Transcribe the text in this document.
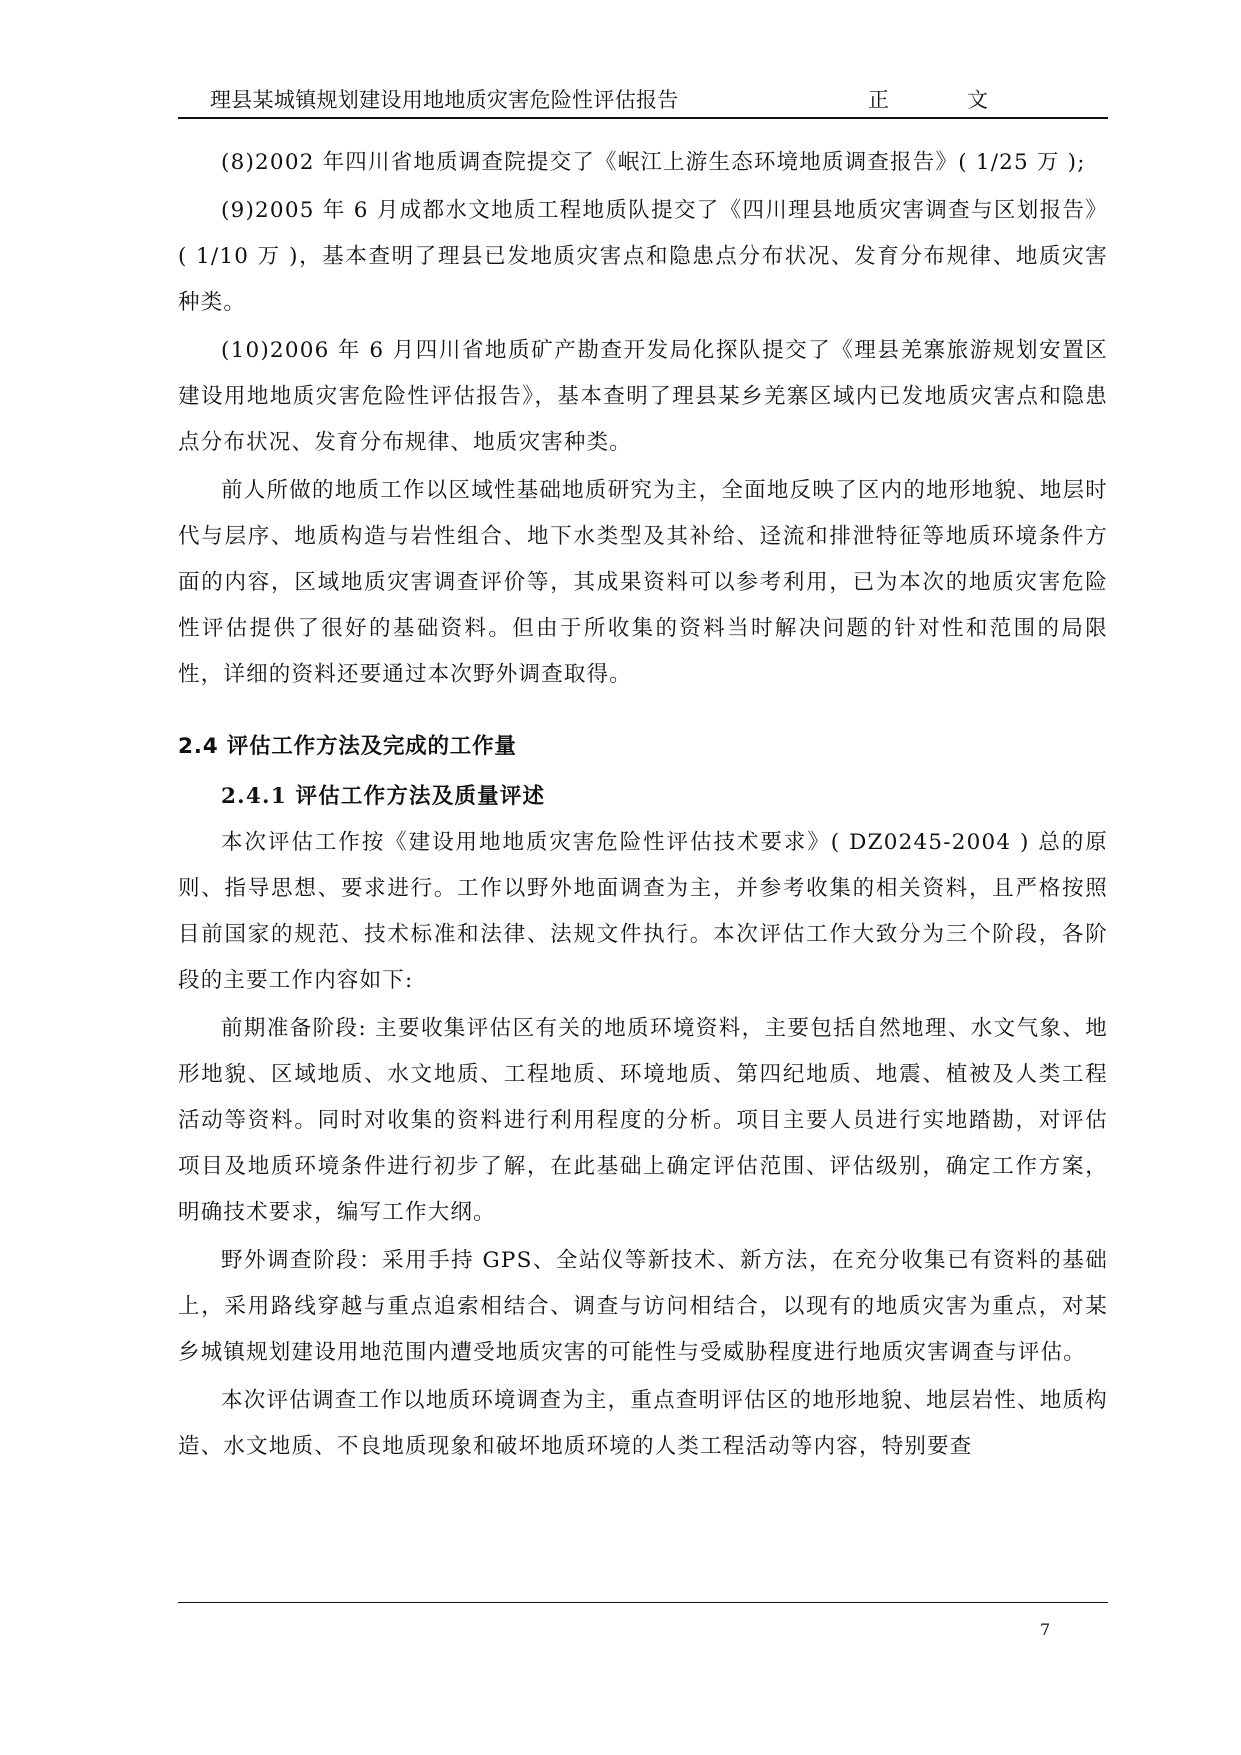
理县某城镇规划建设用地地质灾害危险性评估报告	正文

(8)2002 年四川省地质调查院提交了《岷江上游生态环境地质调查报告》( 1/25 万 );

(9)2005 年 6 月成都水文地质工程地质队提交了《四川理县地质灾害调查与区划报告》( 1/10 万 )，基本查明了理县已发地质灾害点和隐患点分布状况、发育分布规律、地质灾害种类。

(10)2006 年 6 月四川省地质矿产勘查开发局化探队提交了《理县羌寨旅游规划安置区建设用地地质灾害危险性评估报告》，基本查明了理县某乡羌寨区域内已发地质灾害点和隐患点分布状况、发育分布规律、地质灾害种类。

前人所做的地质工作以区域性基础地质研究为主，全面地反映了区内的地形地貌、地层时代与层序、地质构造与岩性组合、地下水类型及其补给、迳流和排泄特征等地质环境条件方面的内容，区域地质灾害调查评价等，其成果资料可以参考利用，已为本次的地质灾害危险性评估提供了很好的基础资料。但由于所收集的资料当时解决问题的针对性和范围的局限性，详细的资料还要通过本次野外调查取得。

2.4 评估工作方法及完成的工作量
2.4.1 评估工作方法及质量评述

本次评估工作按《建设用地地质灾害危险性评估技术要求》( DZ0245-2004 ) 总的原则、指导思想、要求进行。工作以野外地面调查为主，并参考收集的相关资料，且严格按照目前国家的规范、技术标准和法律、法规文件执行。本次评估工作大致分为三个阶段，各阶段的主要工作内容如下:

前期准备阶段: 主要收集评估区有关的地质环境资料，主要包括自然地理、水文气象、地形地貌、区域地质、水文地质、工程地质、环境地质、第四纪地质、地震、植被及人类工程活动等资料。同时对收集的资料进行利用程度的分析。项目主要人员进行实地踏勘，对评估项目及地质环境条件进行初步了解，在此基础上确定评估范围、评估级别，确定工作方案，明确技术要求，编写工作大纲。

野外调查阶段：采用手持 GPS、全站仪等新技术、新方法，在充分收集已有资料的基础上，采用路线穿越与重点追索相结合、调查与访问相结合，以现有的地质灾害为重点，对某乡城镇规划建设用地范围内遭受地质灾害的可能性与受威胁程度进行地质灾害调查与评估。

本次评估调查工作以地质环境调查为主，重点查明评估区的地形地貌、地层岩性、地质构造、水文地质、不良地质现象和破坏地质环境的人类工程活动等内容，特别要查

7
